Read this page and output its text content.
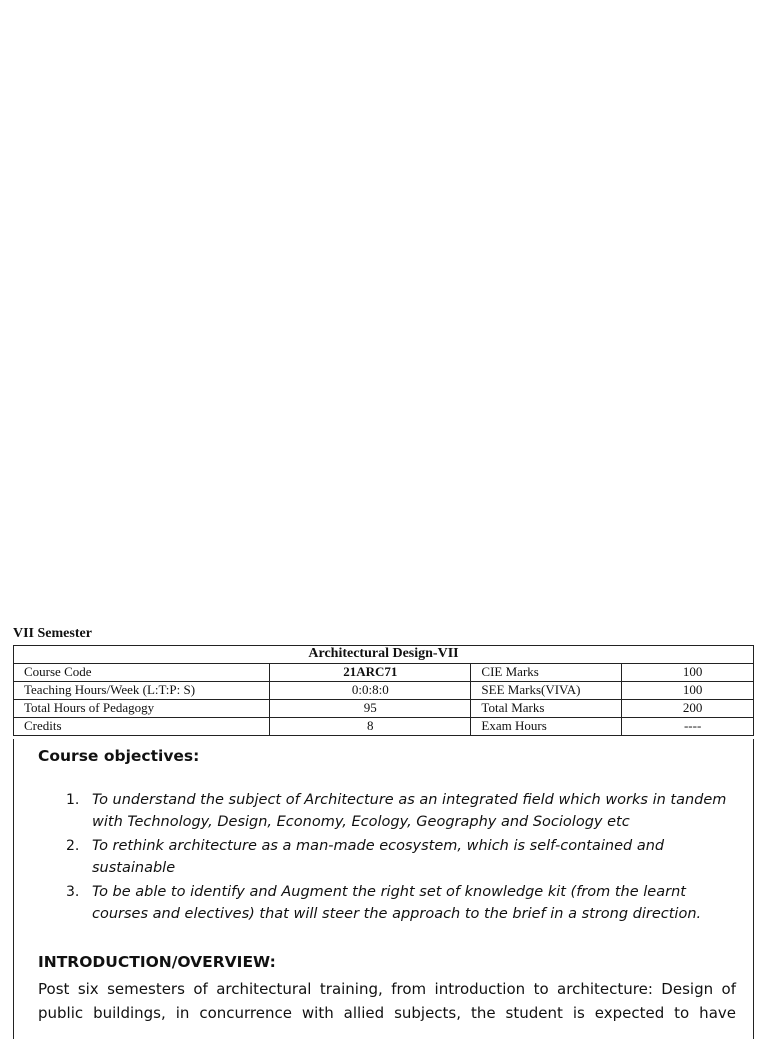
VII Semester

Architectural Design-VII			
Course Code	21ARC71	CIE Marks	100
Teaching Hours/Week (L:T:P: S)	0:0:8:0	SEE Marks(VIVA)	100
Total Hours of Pedagogy	95	Total Marks	200
Credits	8	Exam Hours	----

Course objectives:

1. To understand the subject of Architecture as an integrated field which works in tandem with Technology, Design, Economy, Ecology, Geography and Sociology etc
2. To rethink architecture as a man-made ecosystem, which is self-contained and sustainable
3. To be able to identify and Augment the right set of knowledge kit (from the learnt courses and electives) that will steer the approach to the brief in a strong direction.

INTRODUCTION/OVERVIEW:

Post six semesters of architectural training, from introduction to architecture: Design of public buildings, in concurrence with allied subjects, the student is expected to have
